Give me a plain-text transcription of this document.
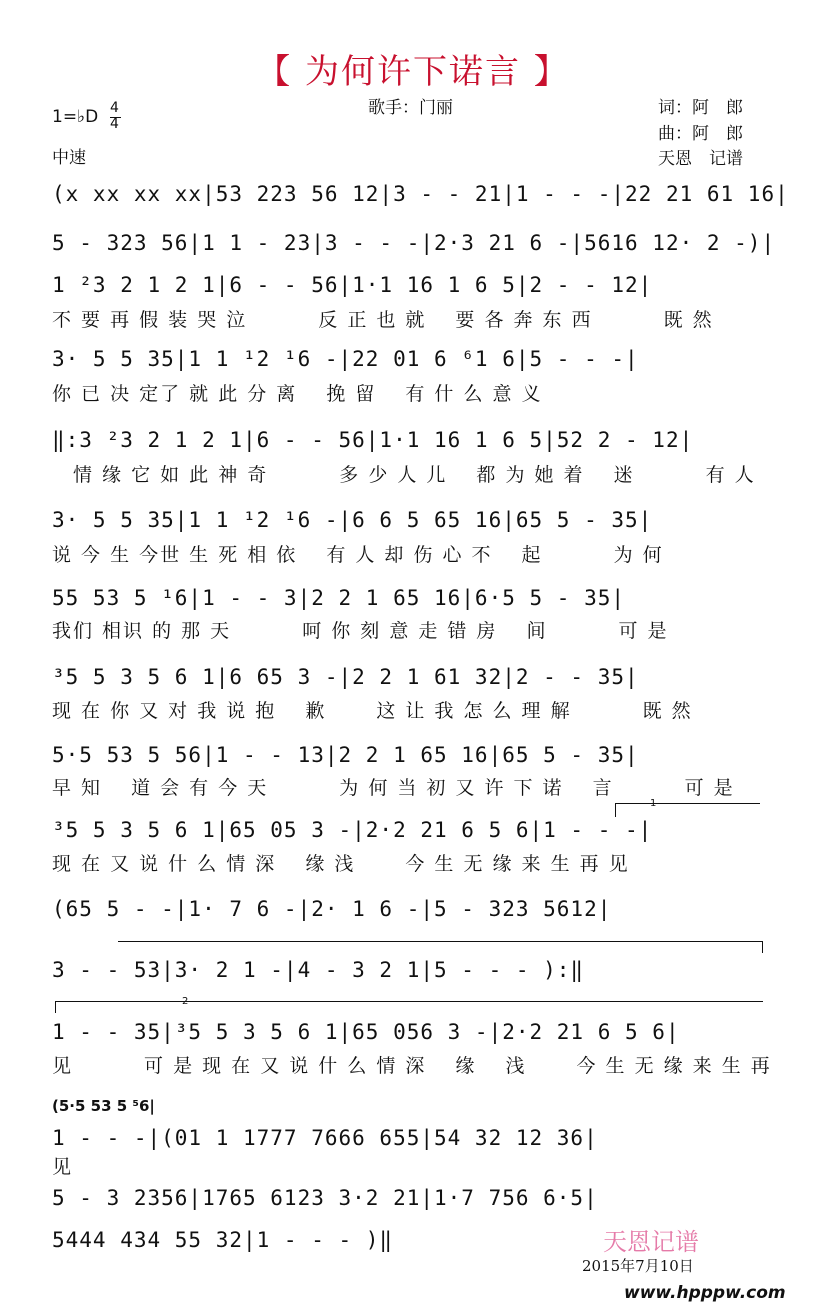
【 为何许下诺言 】
1=♭D 4
4
中速
歌手：门丽	词：阿　郎
曲：阿　郎
天恩　记谱
(x xx xx xx|53 223 56 12|3 - - 21|1 - - -|22 21 61 16|
5 - 323 56|1 1 - 23|3 - - -|2·3 21 6 -|5616 12· 2 -)|
1 ²3 2 1 2 1|6 - - 56|1·1 16 1 6 5|2 - - 12|
不 要 再 假 装 哭 泣　　　 反 正 也 就　 要 各 奔 东 西　　　 既 然
3· 5 5 35|1 1 ¹2 ¹6 -|22 01 6 ⁶1 6|5 - - -|
你 已 决 定了 就 此 分 离　 挽 留　 有 什 么 意 义
‖:3 ²3 2 1 2 1|6 - - 56|1·1 16 1 6 5|52 2 - 12|
　情 缘 它 如 此 神 奇　　　 多 少 人 儿　 都 为 她 着　 迷　　　 有 人
3· 5 5 35|1 1 ¹2 ¹6 -|6 6 5 65 16|65 5 - 35|
说 今 生 今世 生 死 相 依　 有 人 却 伤 心 不　 起　　　 为 何
55 53 5 ¹6|1 - - 3|2 2 1 65 16|6·5 5 - 35|
我们 相识 的 那 天　　　 呵 你 刻 意 走 错 房　 间　　　 可 是
³5 5 3 5 6 1|6 65 3 -|2 2 1 61 32|2 - - 35|
现 在 你 又 对 我 说 抱　 歉　　 这 让 我 怎 么 理 解　　　 既 然
5·5 53 5 56|1 - - 13|2 2 1 65 16|65 5 - 35|
早 知　 道 会 有 今 天　　　 为 何 当 初 又 许 下 诺　 言　　　 可 是
1
³5 5 3 5 6 1|65 05 3 -|2·2 21 6 5 6|1 - - -|
现 在 又 说 什 么 情 深　 缘 浅　　 今 生 无 缘 来 生 再 见
(65 5 - -|1· 7 6 -|2· 1 6 -|5 - 323 5612|
3 - - 53|3· 2 1 -|4 - 3 2 1|5 - - - ):‖
2
1 - - 35|³5 5 3 5 6 1|65 056 3 -|2·2 21 6 5 6|
见　　　 可 是 现 在 又 说 什 么 情 深　 缘　 浅　　 今 生 无 缘 来 生 再
(5·5 53 5 ⁵6|
1 - - -|(01 1 1777 7666 655|54 32 12 36|
见
5 - 3 2356|1765 6123 3·2 21|1·7 756 6·5|
5444 434 55 32|1 - - - )‖	天恩记谱
2015年7月10日
www.hpppw.com
